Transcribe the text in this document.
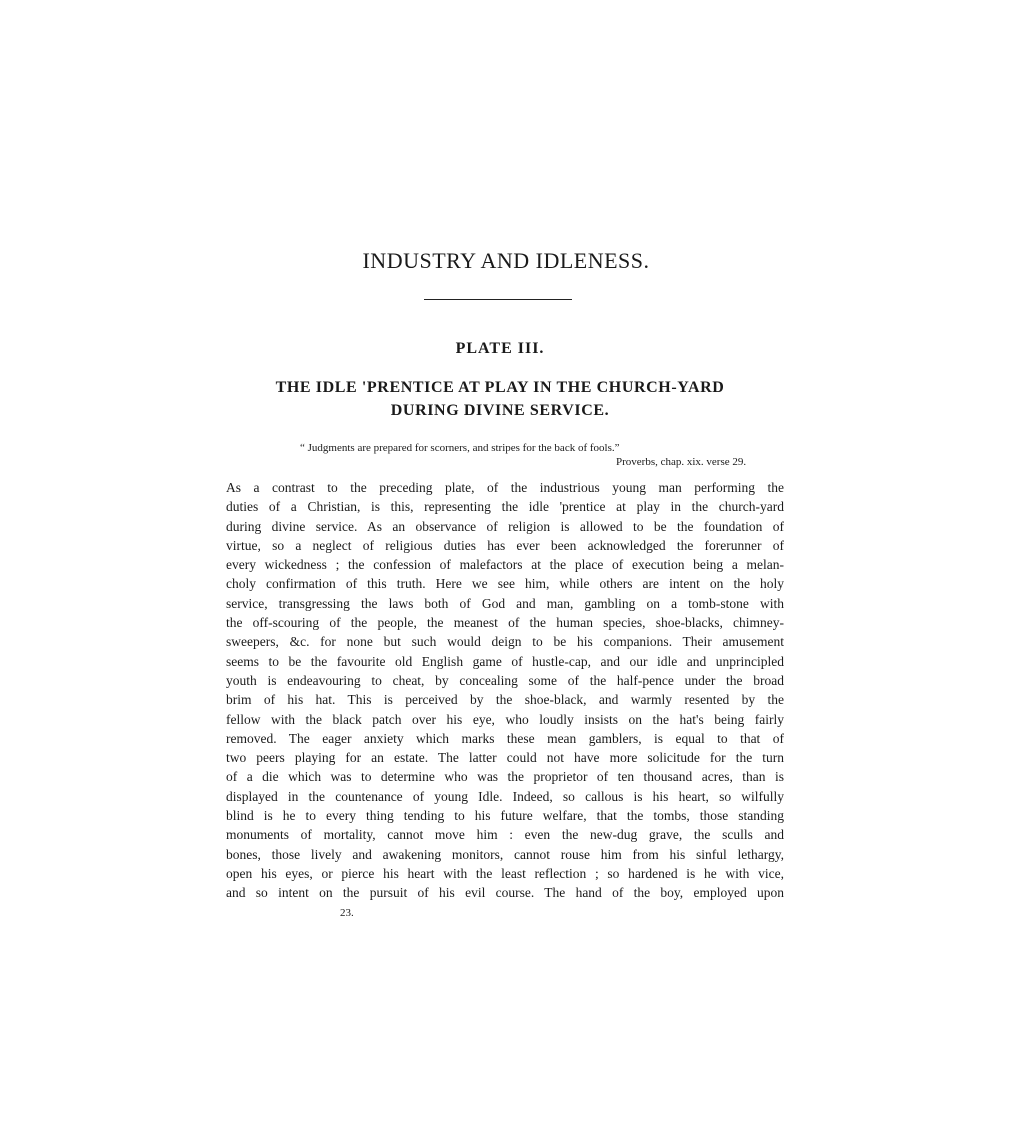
INDUSTRY AND IDLENESS.
PLATE III.
THE IDLE 'PRENTICE AT PLAY IN THE CHURCH-YARD
DURING DIVINE SERVICE.

“ Judgments are prepared for scorners, and stripes for the back of fools.”

Proverbs, chap. xix. verse 29.

As a contrast to the preceding plate, of the industrious young man performing the
duties of a Christian, is this, representing the idle 'prentice at play in the church-yard
during divine service. As an observance of religion is allowed to be the foundation of
virtue, so a neglect of religious duties has ever been acknowledged the forerunner of
every wickedness ; the confession of malefactors at the place of execution being a melan-
choly confirmation of this truth. Here we see him, while others are intent on the holy
service, transgressing the laws both of God and man, gambling on a tomb-stone with
the off-scouring of the people, the meanest of the human species, shoe-blacks, chimney-
sweepers, &c. for none but such would deign to be his companions. Their amusement
seems to be the favourite old English game of hustle-cap, and our idle and unprincipled
youth is endeavouring to cheat, by concealing some of the half-pence under the broad
brim of his hat. This is perceived by the shoe-black, and warmly resented by the
fellow with the black patch over his eye, who loudly insists on the hat's being fairly
removed. The eager anxiety which marks these mean gamblers, is equal to that of
two peers playing for an estate. The latter could not have more solicitude for the turn
of a die which was to determine who was the proprietor of ten thousand acres, than is
displayed in the countenance of young Idle. Indeed, so callous is his heart, so wilfully
blind is he to every thing tending to his future welfare, that the tombs, those standing
monuments of mortality, cannot move him : even the new-dug grave, the sculls and
bones, those lively and awakening monitors, cannot rouse him from his sinful lethargy,
open his eyes, or pierce his heart with the least reflection ; so hardened is he with vice,
and so intent on the pursuit of his evil course. The hand of the boy, employed upon

23.
